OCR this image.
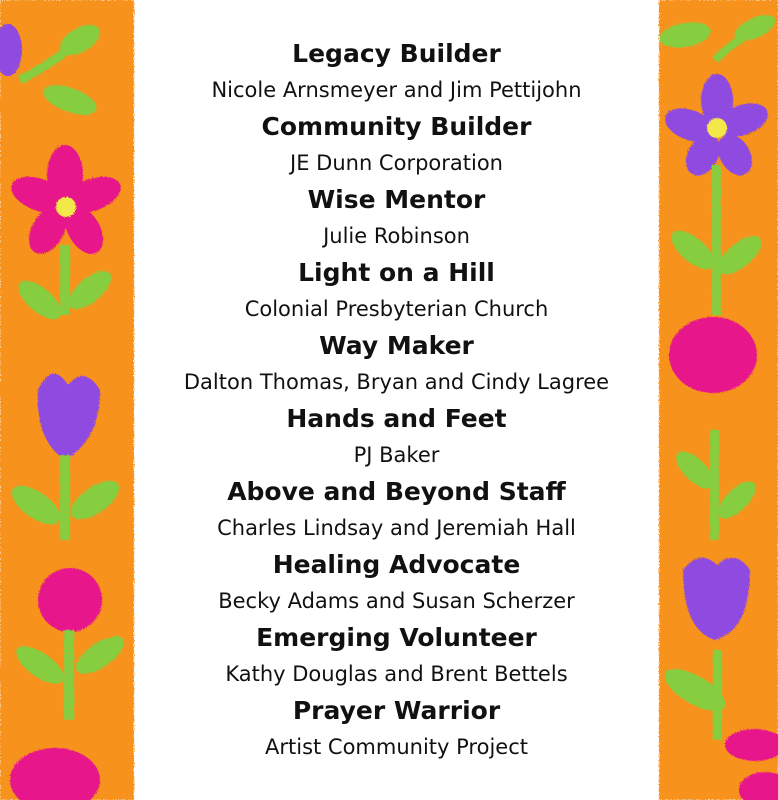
Legacy Builder
Nicole Arnsmeyer and Jim Pettijohn
Community Builder
JE Dunn Corporation
Wise Mentor
Julie Robinson
Light on a Hill
Colonial Presbyterian Church
Way Maker
Dalton Thomas, Bryan and Cindy Lagree
Hands and Feet
PJ Baker
Above and Beyond Staff
Charles Lindsay and Jeremiah Hall
Healing Advocate
Becky Adams and Susan Scherzer
Emerging Volunteer
Kathy Douglas and Brent Bettels
Prayer Warrior
Artist Community Project
